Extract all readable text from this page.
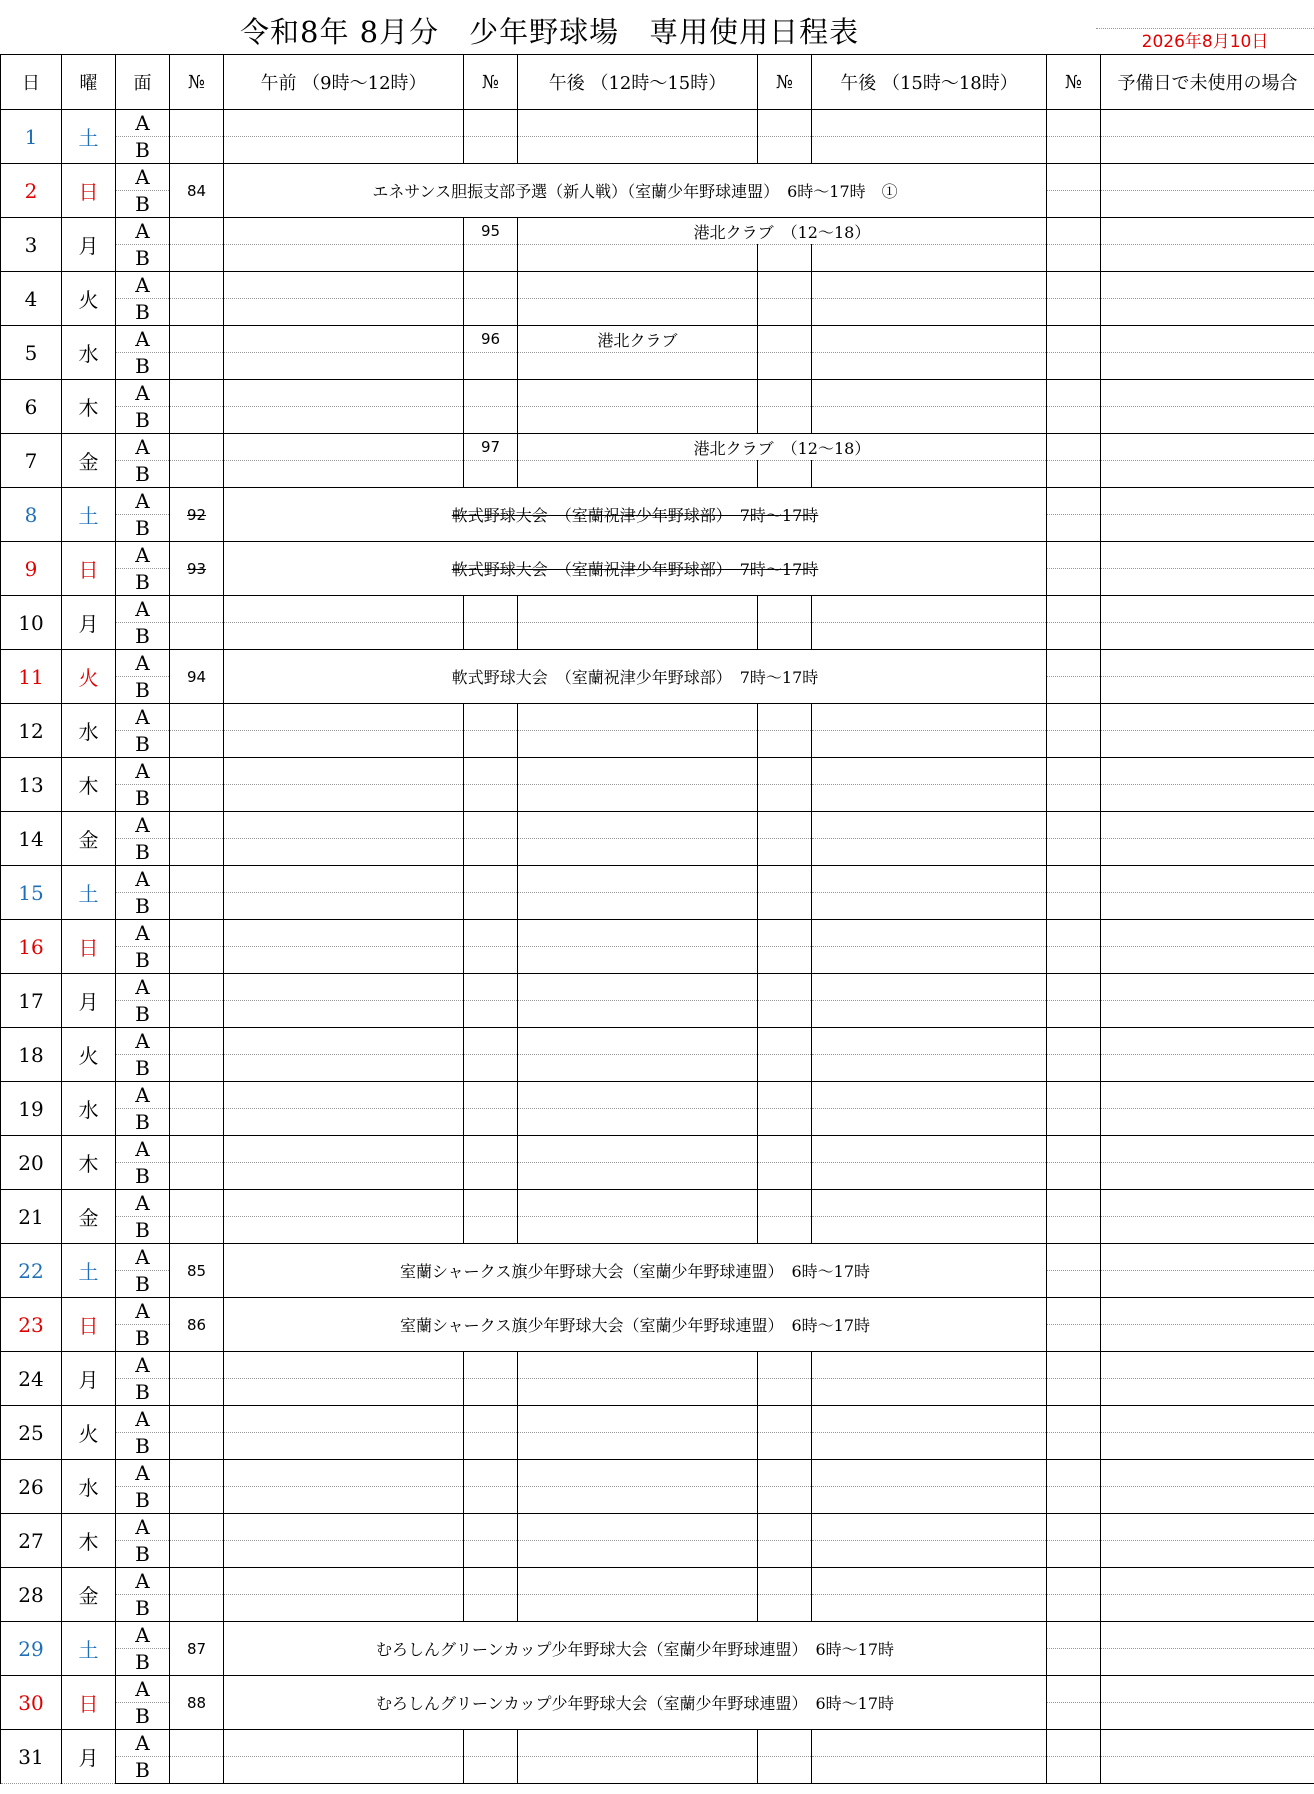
令和8年 8月分　少年野球場　専用使用日程表	2026年8月10日
日	曜	面	№	午前 （9時～12時）	№	午後 （12時～15時）	№	午後 （15時～18時）	№	予備日で未使用の場合
1	土	A								
		B								
2	日	A	84	エネサンス胆振支部予選（新人戦）（室蘭少年野球連盟）　6時～17時　①						
		B								
3	月	A			95	港北クラブ　（12～18）				
		B								
4	火	A								
		B								
5	水	A			96	港北クラブ				
		B								
6	木	A								
		B								
7	金	A			97	港北クラブ　（12～18）				
		B								
8	土	A	92	軟式野球大会　（室蘭祝津少年野球部）　7時～17時						
		B								
9	日	A	93	軟式野球大会　（室蘭祝津少年野球部）　7時～17時						
		B								
10	月	A								
		B								
11	火	A	94	軟式野球大会　（室蘭祝津少年野球部）　7時～17時						
		B								
12	水	A								
		B								
13	木	A								
		B								
14	金	A								
		B								
15	土	A								
		B								
16	日	A								
		B								
17	月	A								
		B								
18	火	A								
		B								
19	水	A								
		B								
20	木	A								
		B								
21	金	A								
		B								
22	土	A	85	室蘭シャークス旗少年野球大会（室蘭少年野球連盟）　6時～17時						
		B								
23	日	A	86	室蘭シャークス旗少年野球大会（室蘭少年野球連盟）　6時～17時						
		B								
24	月	A								
		B								
25	火	A								
		B								
26	水	A								
		B								
27	木	A								
		B								
28	金	A								
		B								
29	土	A	87	むろしんグリーンカップ少年野球大会（室蘭少年野球連盟）　6時～17時						
		B								
30	日	A	88	むろしんグリーンカップ少年野球大会（室蘭少年野球連盟）　6時～17時						
		B								
31	月	A								
		B								
